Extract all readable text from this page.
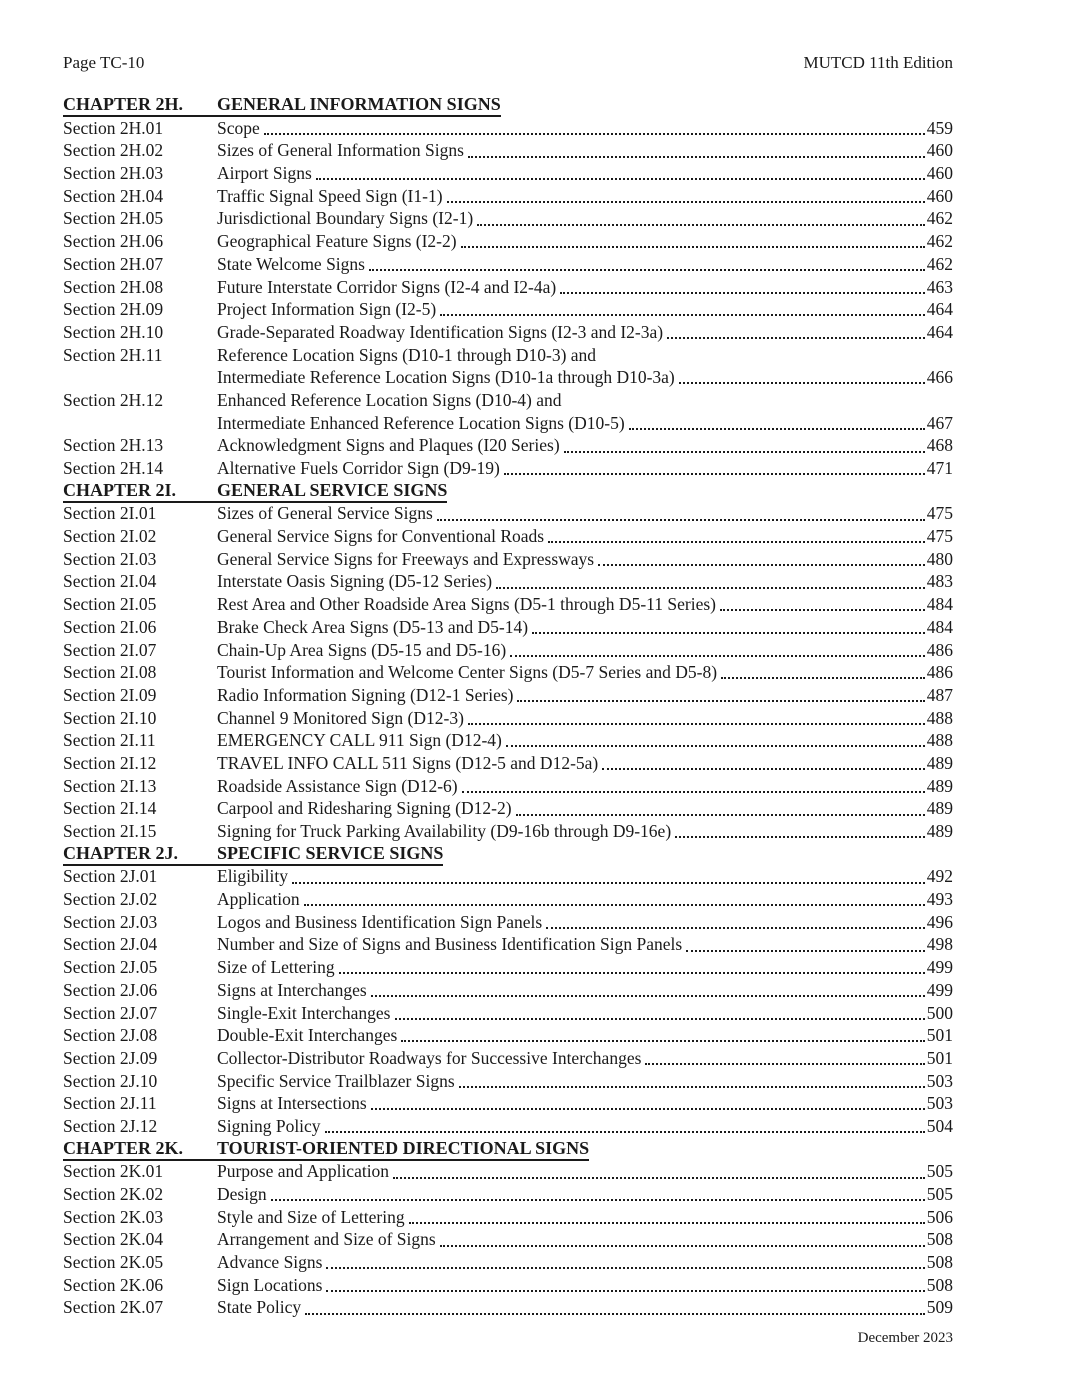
Page TC-10	MUTCD 11th Edition
CHAPTER 2H.	GENERAL INFORMATION SIGNS
Section 2H.01	Scope	459
Section 2H.02	Sizes of General Information Signs	460
Section 2H.03	Airport Signs	460
Section 2H.04	Traffic Signal Speed Sign (I1-1)	460
Section 2H.05	Jurisdictional Boundary Signs (I2-1)	462
Section 2H.06	Geographical Feature Signs (I2-2)	462
Section 2H.07	State Welcome Signs	462
Section 2H.08	Future Interstate Corridor Signs (I2-4 and I2-4a)	463
Section 2H.09	Project Information Sign (I2-5)	464
Section 2H.10	Grade-Separated Roadway Identification Signs (I2-3 and I2-3a)	464
Section 2H.11	Reference Location Signs (D10-1 through D10-3) and
Intermediate Reference Location Signs (D10-1a through D10-3a)	466
Section 2H.12	Enhanced Reference Location Signs (D10-4) and
Intermediate Enhanced Reference Location Signs (D10-5)	467
Section 2H.13	Acknowledgment Signs and Plaques (I20 Series)	468
Section 2H.14	Alternative Fuels Corridor Sign (D9-19)	471
CHAPTER 2I.	GENERAL SERVICE SIGNS
Section 2I.01	Sizes of General Service Signs	475
Section 2I.02	General Service Signs for Conventional Roads	475
Section 2I.03	General Service Signs for Freeways and Expressways	480
Section 2I.04	Interstate Oasis Signing (D5-12 Series)	483
Section 2I.05	Rest Area and Other Roadside Area Signs (D5-1 through D5-11 Series)	484
Section 2I.06	Brake Check Area Signs (D5-13 and D5-14)	484
Section 2I.07	Chain-Up Area Signs (D5-15 and D5-16)	486
Section 2I.08	Tourist Information and Welcome Center Signs (D5-7 Series and D5-8)	486
Section 2I.09	Radio Information Signing (D12-1 Series)	487
Section 2I.10	Channel 9 Monitored Sign (D12-3)	488
Section 2I.11	EMERGENCY CALL 911 Sign (D12-4)	488
Section 2I.12	TRAVEL INFO CALL 511 Signs (D12-5 and D12-5a)	489
Section 2I.13	Roadside Assistance Sign (D12-6)	489
Section 2I.14	Carpool and Ridesharing Signing (D12-2)	489
Section 2I.15	Signing for Truck Parking Availability (D9-16b through D9-16e)	489
CHAPTER 2J.	SPECIFIC SERVICE SIGNS
Section 2J.01	Eligibility	492
Section 2J.02	Application	493
Section 2J.03	Logos and Business Identification Sign Panels	496
Section 2J.04	Number and Size of Signs and Business Identification Sign Panels	498
Section 2J.05	Size of Lettering	499
Section 2J.06	Signs at Interchanges	499
Section 2J.07	Single-Exit Interchanges	500
Section 2J.08	Double-Exit Interchanges	501
Section 2J.09	Collector-Distributor Roadways for Successive Interchanges	501
Section 2J.10	Specific Service Trailblazer Signs	503
Section 2J.11	Signs at Intersections	503
Section 2J.12	Signing Policy	504
CHAPTER 2K.	TOURIST-ORIENTED DIRECTIONAL SIGNS
Section 2K.01	Purpose and Application	505
Section 2K.02	Design	505
Section 2K.03	Style and Size of Lettering	506
Section 2K.04	Arrangement and Size of Signs	508
Section 2K.05	Advance Signs	508
Section 2K.06	Sign Locations	508
Section 2K.07	State Policy	509
December 2023
